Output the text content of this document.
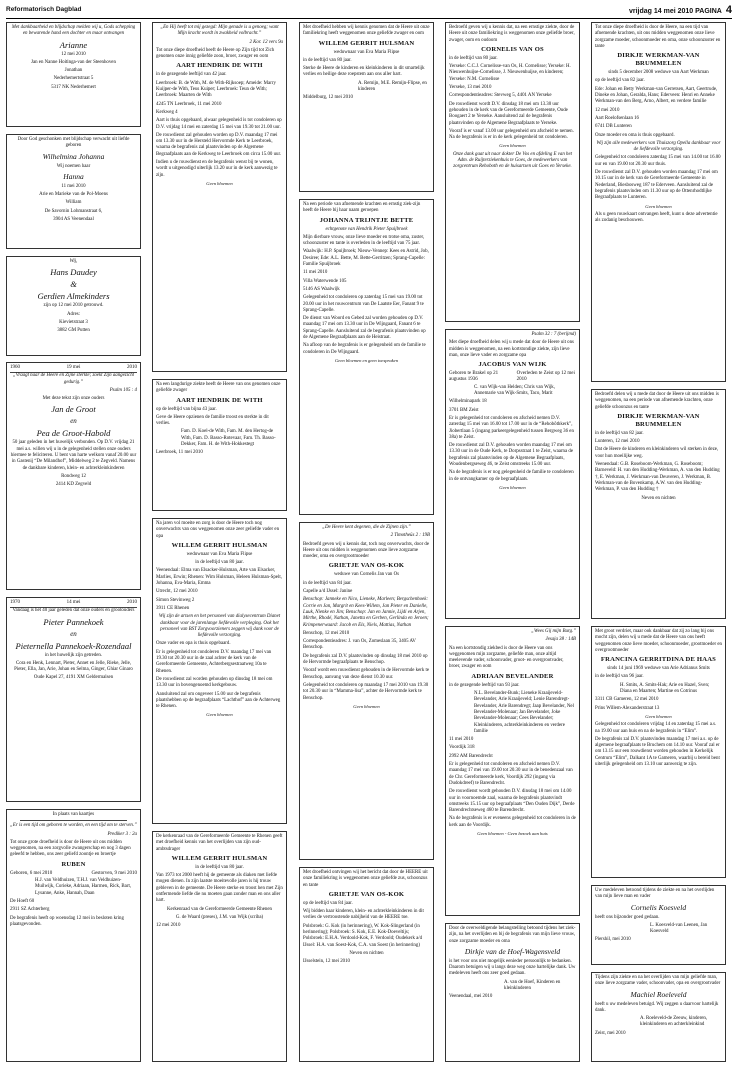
Reformatorisch Dagblad	vrijdag 14 mei 2010 PAGINA 4

Met dankbaarheid en blijdschap melden wij u, Gods schepping en bewarende hand een dochter en maar ontvangen

Arianne

12 mei 2010

Jan en Nanne Hoitinga-van der Steenhoven

Jonathan

Nederhemertstraat 5

5317 NK Nederhemert

Door God geschonken met blijdschap verwacht uit liefde geboren

Wilhelmina Johanna

Wij noemen haar

Hanna

11 mei 2010

Arie en Marieke van de Pol-Moens

William

De Savornin Lohmanstraat 6,

3904 AS Veenendaal

Wij,

Hans Daudey
&
Gerdien Almekinders

zijn op 12 mei 2010 getrouwd.

Adres:

Kievietstraat 3

3882 GM Putten

1960	19 mei	2010

„Vraagt naar de Heere en Zijne sterkte; zoekt Zijn aangezicht gedurig.”

Psalm 105 : 4

Met deze tekst zijn onze ouders

Jan de Groot
en
Pea de Groot-Habold

50 jaar geleden in het huwelijk verbonden. Op D.V. vrijdag 21 mei a.s. willen wij u in de gelegenheid stellen onze ouders hiermee te feliciteren. U bent van harte welkom vanaf 20.00 uur in Gastenij “De Milandhof”, Middelweg 2 te Zegveld. Namens de dankbare kinderen, klein- en achterkleinkinderen

Rondweg 12

2414 KD Zegveld

1970	14 mei	2010

Vandaag is het 40 jaar geleden dat onze ouders en grootouders

Pieter Pannekoek
en
Pieternella Pannekoek-Rozendaal

in het huwelijk zijn getreden.

Cora en Henk, Lennart, Pieter, Annet en Jelle, Rieke, Jelle, Pieter, Ella, Jan, Arie, Johan en Selma, Ginger, Ghiar Ginaro

Oude Kapel 27, 4191 XM Geldermalsen

In plaats van kaartjes

„Er is een tijd om geboren te worden, en een tijd om te sterven.”

Prediker 3 : 2a

Tot onze grote droefheid is door de Heere uit ons midden weggenomen, na een zorgvolle zwangerschap en nog 3 dagen geleefd te hebben, ons zeer geliefd zoontje en broertje

RUBEN
Geboren, 6 mei 2010	Gestorven, 9 mei 2010

H.J. van Veldhuizen, T.H.J. van Veldhuizen-Muilwijk, Corieke, Adriaan, Harmen, Rick, Bart, Lysanne, Anke, Hannah, Daan

De Hoeft 60

2911 SZ Achterberg

De begrafenis heeft op woensdag 12 mei in besloten kring plaatsgevonden.

„En Hij heeft tot mij gezegd: Mijn genade is u genoeg; want Mijn kracht wordt in zwakheid volbracht.”

2 Kor. 12 vers 9a

Tot onze diepe droefheid heeft de Heere op Zijn tijd tot Zich genomen onze innig geliefde zoon, broer, zwager en oom

AART HENDRIK DE WITH

in de gezegende leeftijd van 42 jaar.

Leerbroek: B. de With, M. de With-Rijksoep; Ameide: Marry Kuijper-de With, Teus Kuiper; Leerbroek: Teun de With; Leerbroek: Maarten de With

4245 TN Leerbroek, 11 mei 2010

Kerkweg 4

Aart is thuis opgebaard, alwaar gelegenheid is tot condoleren op D.V. vrijdag 14 mei en zaterdag 15 mei van 19.30 tot 21.00 uur.

De rouwdienst zal gehouden worden op D.V. maandag 17 mei om 13.30 uur in de Hersteld Hervormde Kerk te Leerbroek, waarna de begrafenis zal plaatsvinden op de Algemene Begraafplaats aan de Kerkweg te Leerbroek om circa 15.00 uur.

Indien u de rouwdienst en de begrafenis wenst bij te wonen, wordt u uitgenodigd uiterlijk 13.20 uur in de kerk aanwezig te zijn.

Geen bloemen

Na een langdurige ziekte heeft de Heere van ons genomen onze geliefde zwager

AART HENDRIK DE WITH

op de leeftijd van bijna 43 jaar.

Geve de Heere opzienen de familie troost en sterkte in dit verlies.

Fam. D. Koel-de With, Fam. M. den Hertog-de With, Fam. D. Basso-Rotevaar, Fam. Th. Basso-Dekker, Fam. H. de With-Hokkestegt

Leerbroek, 11 mei 2010

Na jaren vol moeite en zorg is door de Heere toch nog onverwachts van ons weggenomen onze zeer geliefde vader en opa

WILLEM GERRIT HULSMAN

weduwnaar van Eva Maria Flipse

in de leeftijd van 80 jaar.

Veenendaal: Elma van Elsacker-Hulsman, Arte van Elsacker, Marlies, Erwin; Rhenen: Wim Hulsman, Heleen Hulsman-Spelt, Johanna, Eva-Maria, Emma

Utrecht, 12 mei 2010

Simon Stevinweg 2

3911 CE Rhenen

Wij zijn de artsen en het personeel van dialysecentrum Dianet dankbaar voor de jarenlange liefdevolle verpleging. Ook het personeel van BST Zorgvoorzieners zeggen wij dank voor de liefdevolle verzorging.

Onze vader en opa is thuis opgebaard.

Er is gelegenheid tot condoleren D.V. maandag 17 mei van 19.30 tot 20.30 uur in de zaal achter de kerk van de Gereformeerde Gemeente, Achterbergsestraatweg 10a te Rhenen.

De rouwdienst zal worden gehouden op dinsdag 18 mei om 13.30 uur in bovengenoemd kerkgebouw.

Aansluitend zal om ongeveer 15.00 uur de begrafenis plaatshebben op de begraafplaats “Lachthof” aan de Achterweg te Rhenen.

Geen bloemen

De kerkenraad van de Gereformeerde Gemeente te Rhenen geeft met droefheid kennis van het overlijden van zijn oud-ambtsdrager

WILLEM GERRIT HULSMAN

in de leeftijd van 80 jaar.

Van 1973 tot 2000 heeft hij de gemeente als diaken met liefde mogen dienen. In zijn laatste moeitevolle jaren is hij trouw gebleven in de gemeente. De Heere sterke en troost hen met Zijn ontfermende liefde die nu moeten gaan zonder man en ons aller hart.

Kerkenraad van de Gereformeerde Gemeente Rhenen

G. de Waard (preses), J.M. van Wijk (scriba)

12 mei 2010

Met droefheid hebben wij kennis genomen dat de Heere uit onze familiekring heeft weggenomen onze geliefde zwager en oom

WILLEM GERRIT HULSMAN

weduwnaar van Eva Maria Flipse

in de leeftijd van 80 jaar.

Sterke de Heere de kinderen en kleinkinderen in dit smartelijk verlies en heilige deze roepstem aan ons aller hart.

A. Remijn, M.E. Remijn-Flipse, en kinderen

Middelburg, 12 mei 2010

Na een periode van afnemende krachten en ernstig ziek-zijn heeft de Heere bij haar naam geroepen

JOHANNA TRIJNTJE BETTE

echtgenote van Hendrik Pieter Spuijbroek

Mijn dierbare vrouw, onze lieve moeder en trotse oma, zuster, schoonzuster en tante is overleden in de leeftijd van 75 jaar.

Waalwijk: H.P. Spuijbroek; Nieuw-Vennep: Kees en Astrid, Job, Desiree; Ede: A.L. Bette, M. Bette-Gerritzen; Sprang-Capelle: Familie Spuijbroek

11 mei 2010

Villa Waterwende 105

5146 AS Waalwijk

Gelegenheid tot condoleren op zaterdag 15 mei van 19.00 tot 20.00 uur in het rouwcentrum van De Laatste Eer, Fanant 9 te Sprang-Capelle.

De dienst van Woord en Gebed zal worden gehouden op D.V. maandag 17 mei om 13.30 uur in De Wijngaard, Fanant 6 te Sprang-Capelle. Aansluitend zal de begrafenis plaatsvinden op de Algemene Begraafplaats aan de Heistraat.

Na afloop van de begrafenis is er gelegenheid om de familie te condoleren in De Wijngaard.

Geen bloemen en geen toespraken

„De Heere kent degenen, die de Zijnen zijn.”

2 Timotheüs 2 : 19B

Bedroefd geven wij u kennis dat, toch nog onverwachts, door de Heere uit ons midden is weggenomen onze lieve zorgzame moeder, oma en overgrootmoeder

GRIETJE VAN OS-KOK

weduwe van Cornelis Jan van Os

in de leeftijd van 84 jaar.

Capelle a/d IJssel: Janine

Benschop: Janneke en Nico, Lieneke, Marleen; Bergschenhoek: Corrie en Jan, Margrit en Kees-Willem, Jan Pieter en Danielle, Luuk, Nienke en Jim; Benschop: Jan en Jannie, Lijdi en Arjen, Mirthe, Rhodé, Nathan, Janetta en Gerben, Gerlinda en Jeroen; Krimpenerwaard: Jacob en Els, Niels, Mattias, Nathan

Benschop, 12 mei 2010

Correspondentieadres: J. van Os, Zomeslaan 35, 3405 AV Benschop.

De begrafenis zal D.V. plaatsvinden op dinsdag 18 mei 2010 op de Hervormde begraafplaats te Benschop.

Vooraf wordt een rouwdienst gehouden in de Hervormde kerk te Benschop, aanvang van deze dienst 10.30 uur.

Gelegenheid tot condoleren op maandag 17 mei 2010 van 19.30 tot 20.30 uur in “Mamma-lisa”, achter de Hervormde kerk te Benschop.

Geen bloemen

Met droefheid ontvingen wij het bericht dat door de HEERE uit onze familiekring is weggenomen onze geliefde zus, schoonzus en tante

GRIETJE VAN OS-KOK

op de leeftijd van 84 jaar.

Wij bidden haar kinderen, klein- en achterkleinkinderen in dit verlies de vertroostende nabijheid van de HEERE toe.

Polsbroek: G. Kok (in herinnering), W. Kok-Slingerland (in herinnering); Polsbroek: S. Kok, E.E. Kok-Doeveltijs; Polsbroek: E.H.A. Verdoold-Kok, F. Verdoold; Oudekerk a/d IJssel: H.A. van Soest-Kok, C.A. van Soest (in herinnering)

Neven en nichten

IJsselstein, 12 mei 2010

Bedroefd geven wij u kennis dat, na een ernstige ziekte, door de Heere uit onze familiekring is weggenomen onze geliefde broer, zwager, oom en oudoom

CORNELIS VAN OS

in de leeftijd van 80 jaar.

Yerseke: C.C.J. Cornelisse-van Os, H. Cornelisse; Yerseke: H. Nieuwenhuijse-Cornelisse, J. Nieuwenhuijse, en kinderen; Yerseke: N.M. Cornelisse

Yerseke, 13 mei 2010

Correspondentieadres: Stevweg 5, 4401 AN Yerseke

De rouwdienst wordt D.V. dinsdag 18 mei om 13.30 uur gehouden in de kerk van de Gereformeerde Gemeente, Oude Boogaert 2 te Yerseke. Aansluitend zal de begrafenis plaatsvinden op de Algemene Begraafplaats te Yerseke.

Vooraf is er vanaf 13.00 uur gelegenheid om afscheid te nemen. Na de begrafenis is er in de kerk gelegenheid tot condoleren.

Geen bloemen

Onze dank gaat uit naar dokter De Vos en afdeling E van het Adm. de Ruijterziekenhuis te Goes, de medewerkers van zorgcentrum Rehoboth en de huisartsen uit Goes en Yerseke.

Psalm 32 : 7 (berijmd)

Met diepe droefheid delen wij u mede dat door de Heere uit ons midden is weggenomen, na een kortstondige ziekte, zijn lieve man, onze lieve vader en zorgzame opa

JACOBUS VAN WIJK
Geboren te Brakel op 21 augustus 1936
Overleden te Zeist op 12 mei 2010

C. van Wijk-van Helden; Chris van Wijk, Annemarie van Wijk-Smits, Taco, Marit

Wilhelminapark 18

3701 BM Zeist

Er is gelegenheid tot condoleren en afscheid nemen D.V. zaterdag 15 mei van 16.00 tot 17.00 uur in de “Rehobôthkerk”, Jiobertlaan 5 (ingang parkeergelegenheid tussen Bergweg 36 en 38a) te Zeist.

De rouwdienst zal D.V. gehouden worden maandag 17 mei om 13.30 uur in de Oude Kerk, te Dorpsstraat 1 te Zeist, waarna de begrafenis zal plaatsvinden op de Algemene Begraafplaats, Woudenbergseweg 46, te Zeist omstreeks 15.00 uur.

Na de begrafenis is er nog gelegenheid de familie te condoleren in de ontvangkamer op de begraafplaats.

Geen bloemen

„Wees Gij mijn Burg.”

Jesaja 38 : 14B

Na een kortstondig ziekbed is door de Heere van ons weggenomen mijn zorgzame, geliefde man, onze altijd meelevende vader, schoonvader, groot- en overgrootvader, broer, zwager en oom

ADRIAAN BEVELANDER

in de gezegende leeftijd van 93 jaar.

N.L. Bevelander-Bunk; Lieneke Kraaijeveld-Bevelander, Arie Kraaijeveld; Lenie Barendregt-Bevelander, Arie Barendregt; Jaap Bevelander, Nel Bevelander-Molenaar; Jan Bevelander, Joke Bevelander-Molenaar; Cees Bevelander; Kleinkinderen, achterkleinkinderen en verdere familie

11 mei 2010

Voordijk 318

2992 AM Barendrecht

Er is gelegenheid tot condoleren en afscheid nemen D.V. maandag 17 mei van 19.00 tot 20.30 uur in de benedenzaal van de Chr. Gereformeerde kerk, Voordijk 292 (ingang via Dudokdreef) te Barendrecht.

De rouwdienst wordt gehouden D.V. dinsdag 18 mei om 14.00 uur in voornoemde zaal, waarna de begrafenis plaatsvindt omstreeks 15.15 uur op begraafplaats “Den Ouden Dijk”, Derde Barendrechtseweg 460 te Barendrecht.

Na de begrafenis is er eveneens gelegenheid tot condoleren in de kerk aan de Voordijk.

Geen bloemen - Geen bezoek aan huis

Door de overweldigende belangstelling betoond tijdens het ziek-zijn, na het overlijden en bij de begrafenis van mijn lieve vrouw, onze zorgzame moeder en oma

Dirkje van de Hoef-Wagensveld

is het voor ons niet mogelijk eenieder persoonlijk te bedanken. Daarom betuigen wij u langs deze weg onze hartelijke dank. Uw medeleven heeft ons zeer goed gedaan.

A. van de Hoef, Kinderen en kleinkinderen

Veenendaal, mei 2010

Tot onze diepe droefheid is door de Heere, na een tijd van afnemende krachten, uit ons midden weggenomen onze lieve zorgzame moeder, schoonmoeder en oma, onze schoonzuster en tante

DIRKJE WERKMAN-VAN BRUMMELEN

sinds 5 december 2008 weduwe van Aart Werkman

op de leeftijd van 82 jaar.

Ede: Johan en Betty Werkman-van Gerretsen, Aart, Geertrude, Dineke en Johan, Geralda, Hans; Ederveen: Henri en Anneke Werkman-van den Berg, Arno, Albert, en verdere familie

12 mei 2010

Aart Roelofsenlaan 16

6741 DB Lunteren

Onze moeder en oma is thuis opgebaard.

Wij zijn alle medewerkers van Thuiszorg Opella dankbaar voor de liefdevolle verzorging.

Gelegenheid tot condoleren zaterdag 15 mei van 14.00 tot 16.00 uur en van 19.00 tot 20.30 uur thuis.

De rouwdienst zal D.V. gehouden worden maandag 17 mei om 10.15 uur in de kerk van de Gereformeerde Gemeente in Nederland, Biesbosweg 187 te Ederveen. Aansluitend zal de begrafenis plaatsvinden om 11.30 uur op de Ottenrhodtlijke Begraafplaats te Lunteren.

Geen bloemen

Als u geen rouwkaart ontvangen heeft, kunt u deze advertentie als zodanig beschouwen.

Bedroefd delen wij u mede dat door de Heere uit ons midden is weggenomen, na een periode van afnemende krachten, onze geliefde schoonzus en tante

DIRKJE WERKMAN-VAN BRUMMELEN

in de leeftijd van 82 jaar.

Lunteren, 12 mei 2010

Dat de Heere de kinderen en kleinkinderen wil sterken in deze, voor hun moeilijke weg.

Veenendaal: G.B. Roseboom-Werkman, G. Roseboom; Barneveld: H. van den Hudding-Werkman, A. van den Hudding †, E. Werkman, J. Werkman-van Deuveren, J. Werkman, B. Werkman-van de Bovenkamp, A.W. van den Hudding-Werkman, P. van den Hudding †

Neven en nichten

Met groot verdriet, maar ook dankbaar dat zij zo lang bij ons mocht zijn, delen wij u mede dat de Heere van ons heeft weggenomen onze lieve moeder, schoonmoeder, grootmoeder en overgrootmoeder

FRANCINA GERRITDINA DE HAAS

sinds 14 juni 1969 weduwe van Arie Adrianus Smits

in de leeftijd van 96 jaar.

H. Smits, A. Smits-Hak; Arie en Hazel, Sven; Diana en Maarten; Martine en Cotrinus

3311 CB Gameren, 12 mei 2010

Prins Willem-Alexanderstraat 13

Geen bloemen

Gelegenheid tot condoleren vrijdag 14 en zaterdag 15 mei a.s. na 19.00 uur aan huis en na de begrafenis in “Elim”.

De begrafenis zal D.V. plaatsvinden maandag 17 mei a.s. op de algemene begraafplaats te Bruchem om 14.10 uur. Vooraf zal er om 13.15 uur een rouwdienst worden gehouden in Kerkelijk Centrum “Elim”, Dalkant 1A te Gameren, waarbij u bereid bent uiterlijk gelegenheid om 13.10 uur aanwezig te zijn.

Uw medeleven betoond tijdens de ziekte en na het overlijden van mijn lieve man en vader

Cornelis Koesveld

heeft ons bijzonder goed gedaan.

L. Koesveld-van Leenen, Jan Koesveld

Piershil, mei 2010

Tijdens zijn ziekte en na het overlijden van mijn geliefde man, onze lieve zorgzame vader, schoonvader, opa en overgrootvader

Machiel Roeleveld

heeft u uw medeleven betuigd. Wij zeggen u daarvoor hartelijk dank.

A. Roeleveld-de Zeeuw, kinderen, kleinkinderen en achterkleinkind

Zeist, mei 2010
